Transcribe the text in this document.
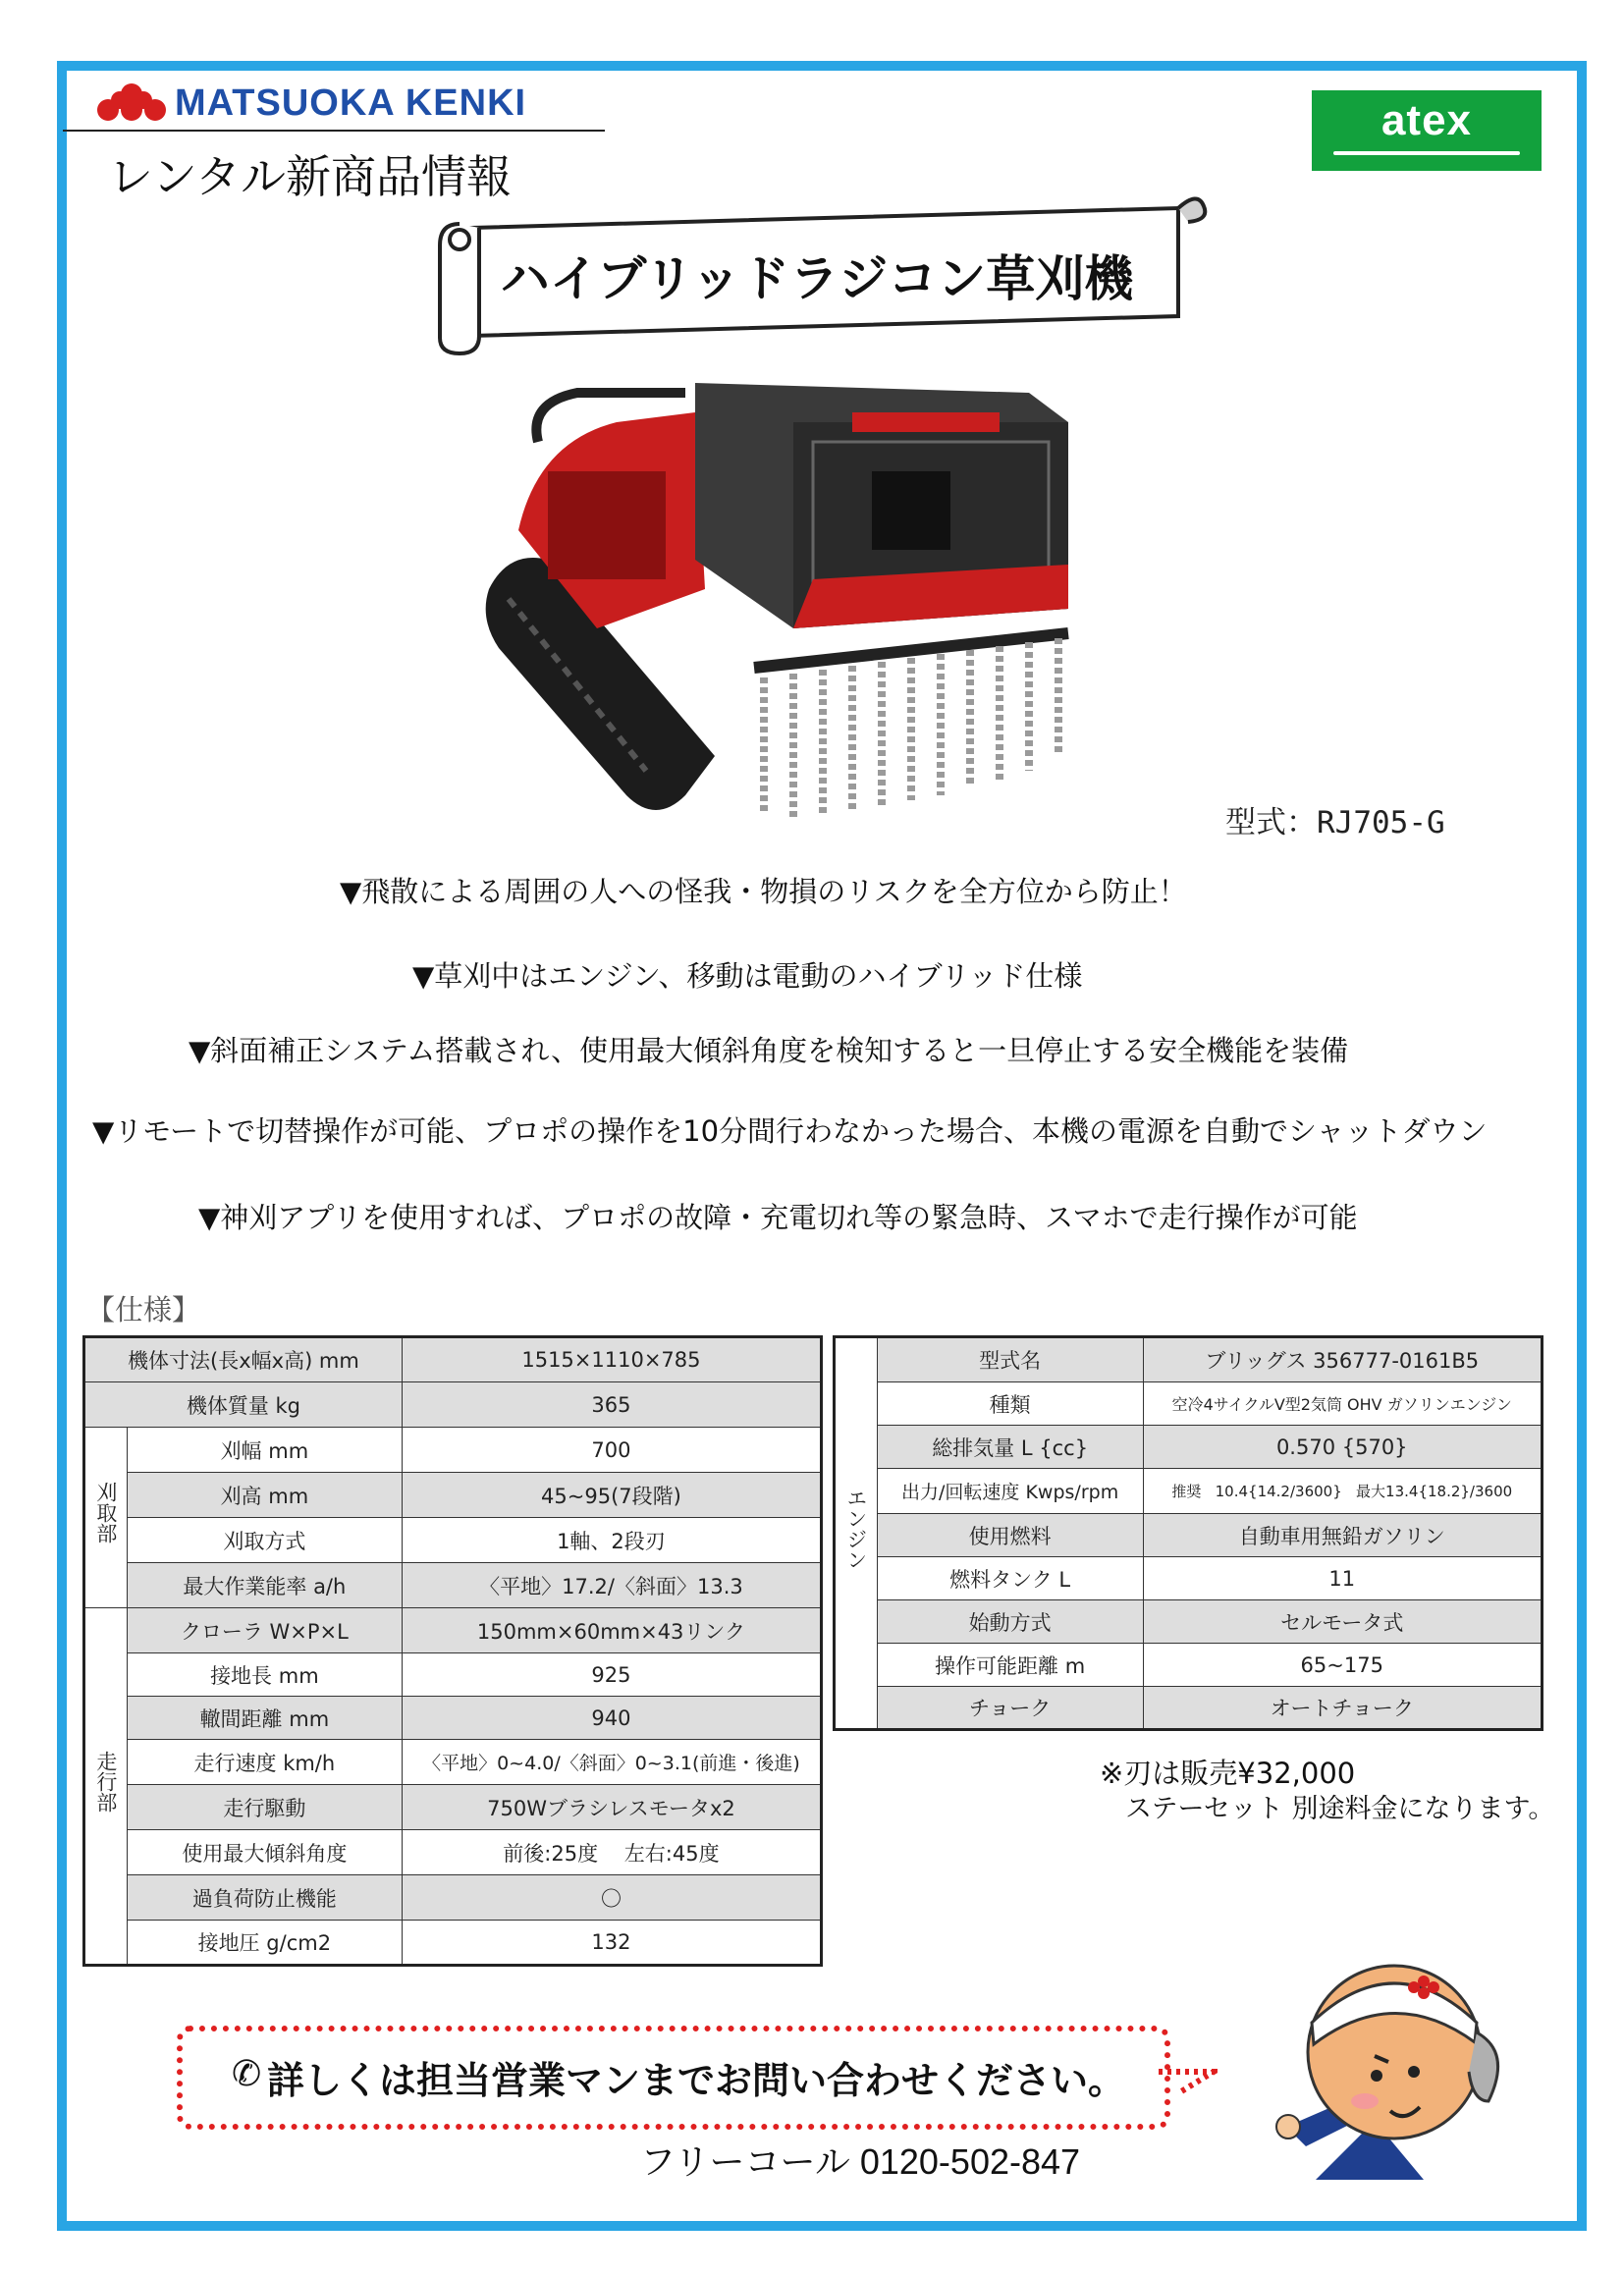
MATSUOKA KENKI
レンタル新商品情報
atex
ハイブリッドラジコン草刈機
型式：RJ705-G
▼飛散による周囲の人への怪我・物損のリスクを全方位から防止！
▼草刈中はエンジン、移動は電動のハイブリッド仕様
▼斜面補正システム搭載され、使用最大傾斜角度を検知すると一旦停止する安全機能を装備
▼リモートで切替操作が可能、プロポの操作を10分間行わなかった場合、本機の電源を自動でシャットダウン
▼神刈アプリを使用すれば、プロポの故障・充電切れ等の緊急時、スマホで走行操作が可能
【仕様】
機体寸法(長x幅x高) mm		1515×1110×785
機体質量 kg		365
刈取部	刈幅 mm	700
	刈高 mm	45~95(7段階)
	刈取方式	1軸、2段刃
	最大作業能率 a/h	〈平地〉17.2/〈斜面〉13.3
走行部	クローラ W×P×L	150mm×60mm×43リンク
	接地長 mm	925
	轍間距離 mm	940
	走行速度 km/h	〈平地〉0~4.0/〈斜面〉0~3.1(前進・後進)
	走行駆動	750Wブラシレスモータx2
	使用最大傾斜角度	前後:25度    左右:45度
	過負荷防止機能	〇
	接地圧 g/cm2	132
エンジン	型式名	ブリッグス 356777-0161B5
	種類	空冷4サイクルV型2気筒 OHV ガソリンエンジン
	総排気量 L {cc}	0.570 {570}
	出力/回転速度 Kwps/rpm	推奨   10.4{14.2/3600}   最大13.4{18.2}/3600
	使用燃料	自動車用無鉛ガソリン
	燃料タンク L	11
	始動方式	セルモータ式
	操作可能距離 m	65~175
	チョーク	オートチョーク
※刃は販売¥32,000
ステーセット 別途料金になります。
✆ 詳しくは担当営業マンまでお問い合わせください。
フリーコール 0120-502-847
